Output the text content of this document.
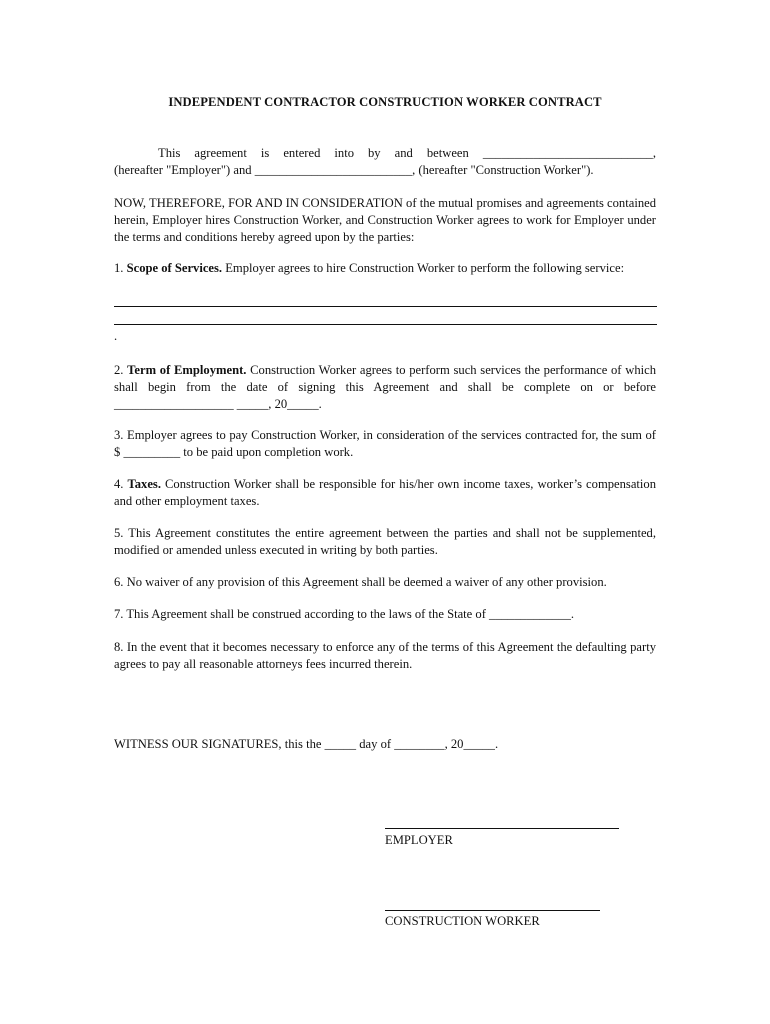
INDEPENDENT CONTRACTOR CONSTRUCTION WORKER CONTRACT
This agreement is entered into by and between ___________________________,
(hereafter "Employer") and _________________________, (hereafter "Construction Worker").
NOW, THEREFORE, FOR AND IN CONSIDERATION of the mutual promises and agreements contained herein, Employer hires Construction Worker, and Construction Worker agrees to work for Employer under the terms and conditions hereby agreed upon by the parties:
1. Scope of Services. Employer agrees to hire Construction Worker to perform the following service:
.
2. Term of Employment. Construction Worker agrees to perform such services the performance of which shall begin from the date of signing this Agreement and shall be complete on or before ___________________ _____, 20_____.
3. Employer agrees to pay Construction Worker, in consideration of the services contracted for, the sum of $ _________ to be paid upon completion work.
4. Taxes. Construction Worker shall be responsible for his/her own income taxes, worker’s compensation and other employment taxes.
5. This Agreement constitutes the entire agreement between the parties and shall not be supplemented, modified or amended unless executed in writing by both parties.
6. No waiver of any provision of this Agreement shall be deemed a waiver of any other provision.
7. This Agreement shall be construed according to the laws of the State of _____________.
8. In the event that it becomes necessary to enforce any of the terms of this Agreement the defaulting party agrees to pay all reasonable attorneys fees incurred therein.
WITNESS OUR SIGNATURES, this the _____ day of ________, 20_____.
EMPLOYER
CONSTRUCTION WORKER
